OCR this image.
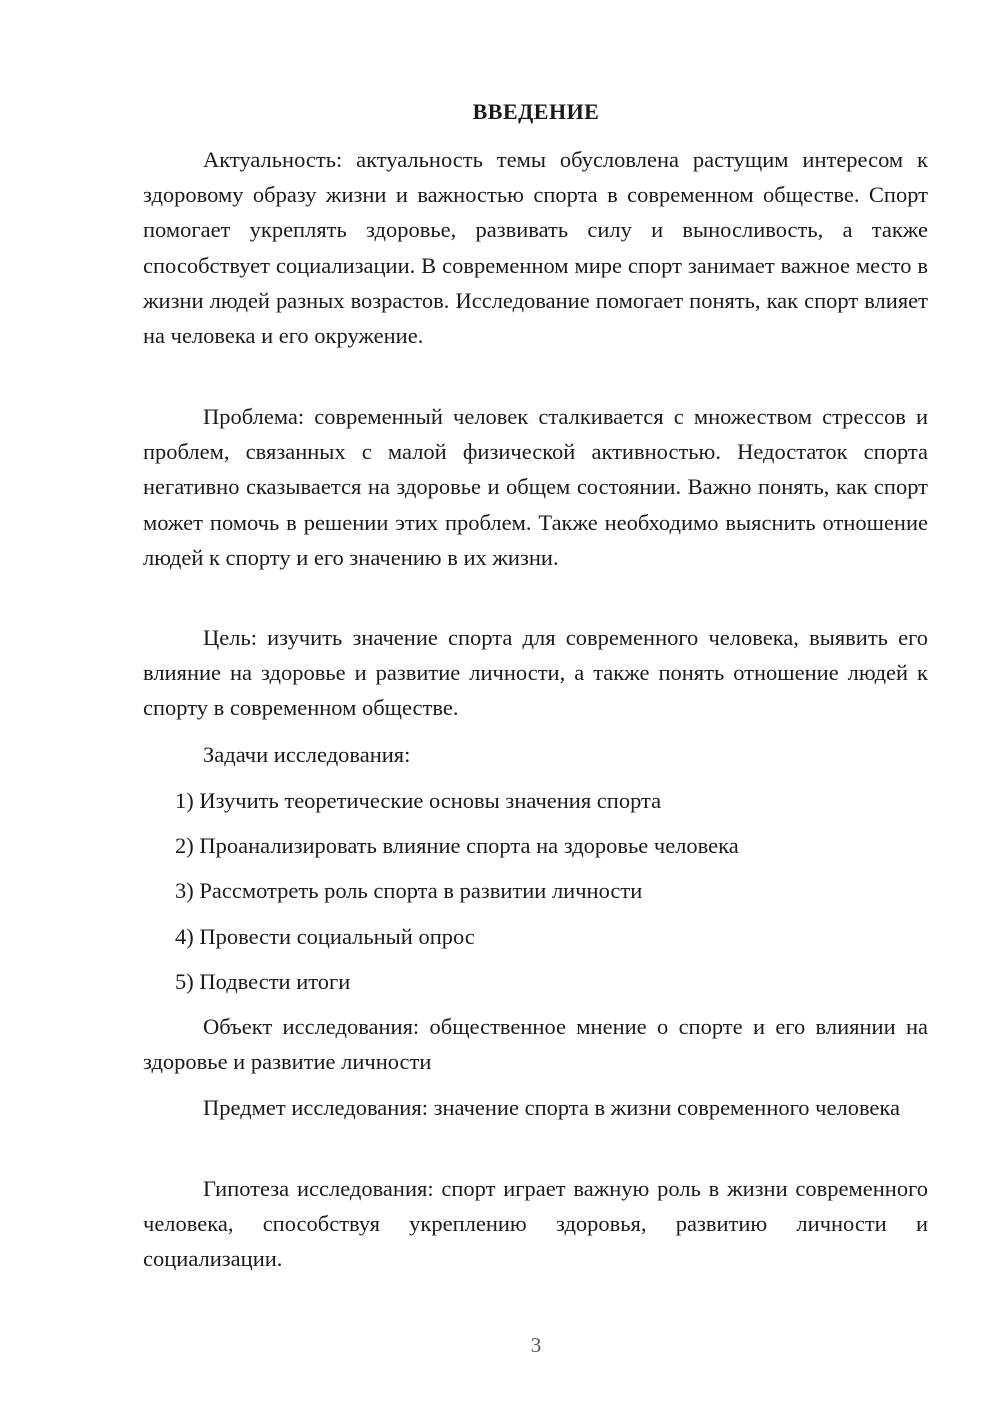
ВВЕДЕНИЕ
Актуальность: актуальность темы обусловлена растущим интересом к здоровому образу жизни и важностью спорта в современном обществе. Спорт помогает укреплять здоровье, развивать силу и выносливость, а также способствует социализации. В современном мире спорт занимает важное место в жизни людей разных возрастов. Исследование помогает понять, как спорт влияет на человека и его окружение.
Проблема: современный человек сталкивается с множеством стрессов и проблем, связанных с малой физической активностью. Недостаток спорта негативно сказывается на здоровье и общем состоянии. Важно понять, как спорт может помочь в решении этих проблем. Также необходимо выяснить отношение людей к спорту и его значению в их жизни.
Цель: изучить значение спорта для современного человека, выявить его влияние на здоровье и развитие личности, а также понять отношение людей к спорту в современном обществе.
Задачи исследования:
1) Изучить теоретические основы значения спорта
2) Проанализировать влияние спорта на здоровье человека
3) Рассмотреть роль спорта в развитии личности
4) Провести социальный опрос
5) Подвести итоги
Объект исследования: общественное мнение о спорте и его влиянии на здоровье и развитие личности
Предмет исследования: значение спорта в жизни современного человека
Гипотеза исследования: спорт играет важную роль в жизни современного человека, способствуя укреплению здоровья, развитию личности и социализации.
3
